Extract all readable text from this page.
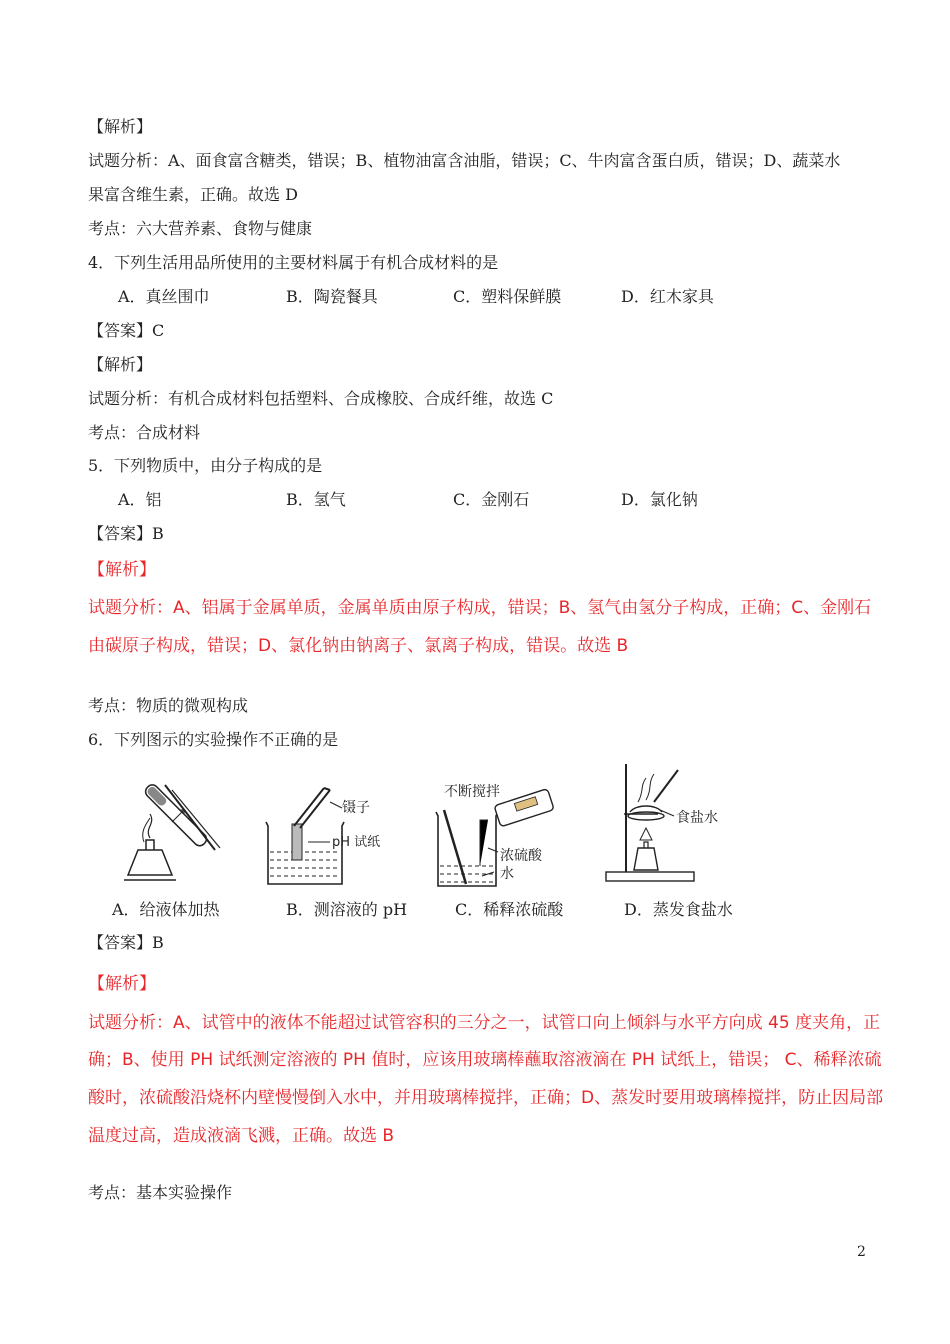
【解析】
试题分析：A、面食富含糖类，错误；B、植物油富含油脂，错误；C、牛肉富含蛋白质，错误；D、蔬菜水
果富含维生素，正确。故选 D
考点：六大营养素、食物与健康
4．下列生活用品所使用的主要材料属于有机合成材料的是
A．真丝围巾	B．陶瓷餐具	C．塑料保鲜膜	D．红木家具
【答案】C
【解析】
试题分析：有机合成材料包括塑料、合成橡胶、合成纤维，故选 C
考点：合成材料
5．下列物质中，由分子构成的是
A．铝	B．氢气	C．金刚石	D．氯化钠
【答案】B
【解析】
试题分析：A、铝属于金属单质，金属单质由原子构成，错误；B、氢气由氢分子构成，正确；C、金刚石
由碳原子构成，错误；D、氯化钠由钠离子、氯离子构成，错误。故选 B
考点：物质的微观构成
6．下列图示的实验操作不正确的是
镊子
pH 试纸
不断搅拌
浓硫酸
水
食盐水
A．给液体加热	B．测溶液的 pH	C．稀释浓硫酸	D．蒸发食盐水
【答案】B
【解析】
试题分析：A、试管中的液体不能超过试管容积的三分之一，试管口向上倾斜与水平方向成 45 度夹角，正
确；B、使用 PH 试纸测定溶液的 PH 值时，应该用玻璃棒蘸取溶液滴在 PH 试纸上，错误； C、稀释浓硫
酸时，浓硫酸沿烧杯内壁慢慢倒入水中，并用玻璃棒搅拌，正确；D、蒸发时要用玻璃棒搅拌，防止因局部
温度过高，造成液滴飞溅，正确。故选 B
考点：基本实验操作
2
